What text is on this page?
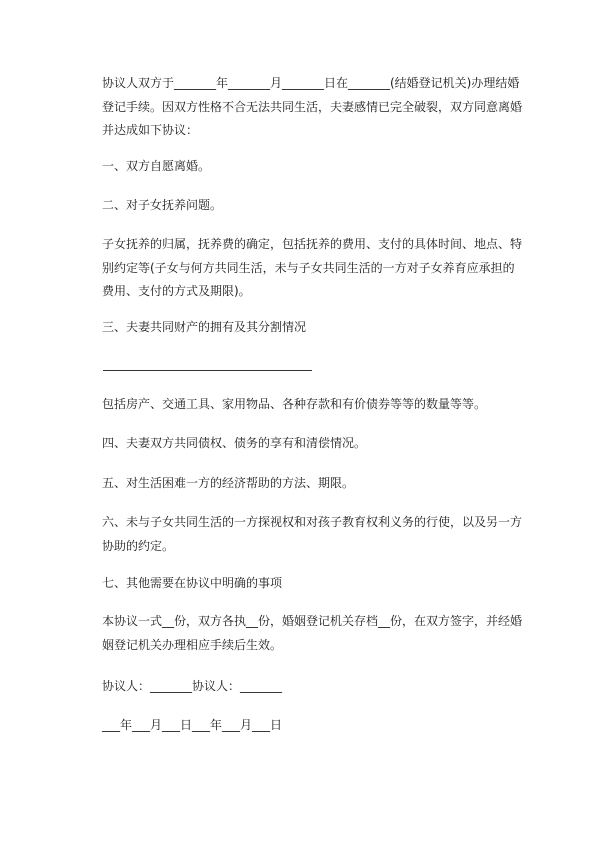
协议人双方于_______年_______月_______日在_______(结婚登记机关)办理结婚登记手续。因双方性格不合无法共同生活，夫妻感情已完全破裂，双方同意离婚并达成如下协议：

一、双方自愿离婚。

二、对子女抚养问题。

子女抚养的归属，抚养费的确定，包括抚养的费用、支付的具体时间、地点、特别约定等(子女与何方共同生活，未与子女共同生活的一方对子女养育应承担的费用、支付的方式及期限)。

三、夫妻共同财产的拥有及其分割情况

包括房产、交通工具、家用物品、各种存款和有价债券等等的数量等等。

四、夫妻双方共同债权、债务的享有和清偿情况。

五、对生活困难一方的经济帮助的方法、期限。

六、未与子女共同生活的一方探视权和对孩子教育权利义务的行使，以及另一方协助的约定。

七、其他需要在协议中明确的事项

本协议一式__份，双方各执__份，婚姻登记机关存档__份，在双方签字，并经婚姻登记机关办理相应手续后生效。

协议人：_______协议人：_______

___年___月___日___年___月___日
